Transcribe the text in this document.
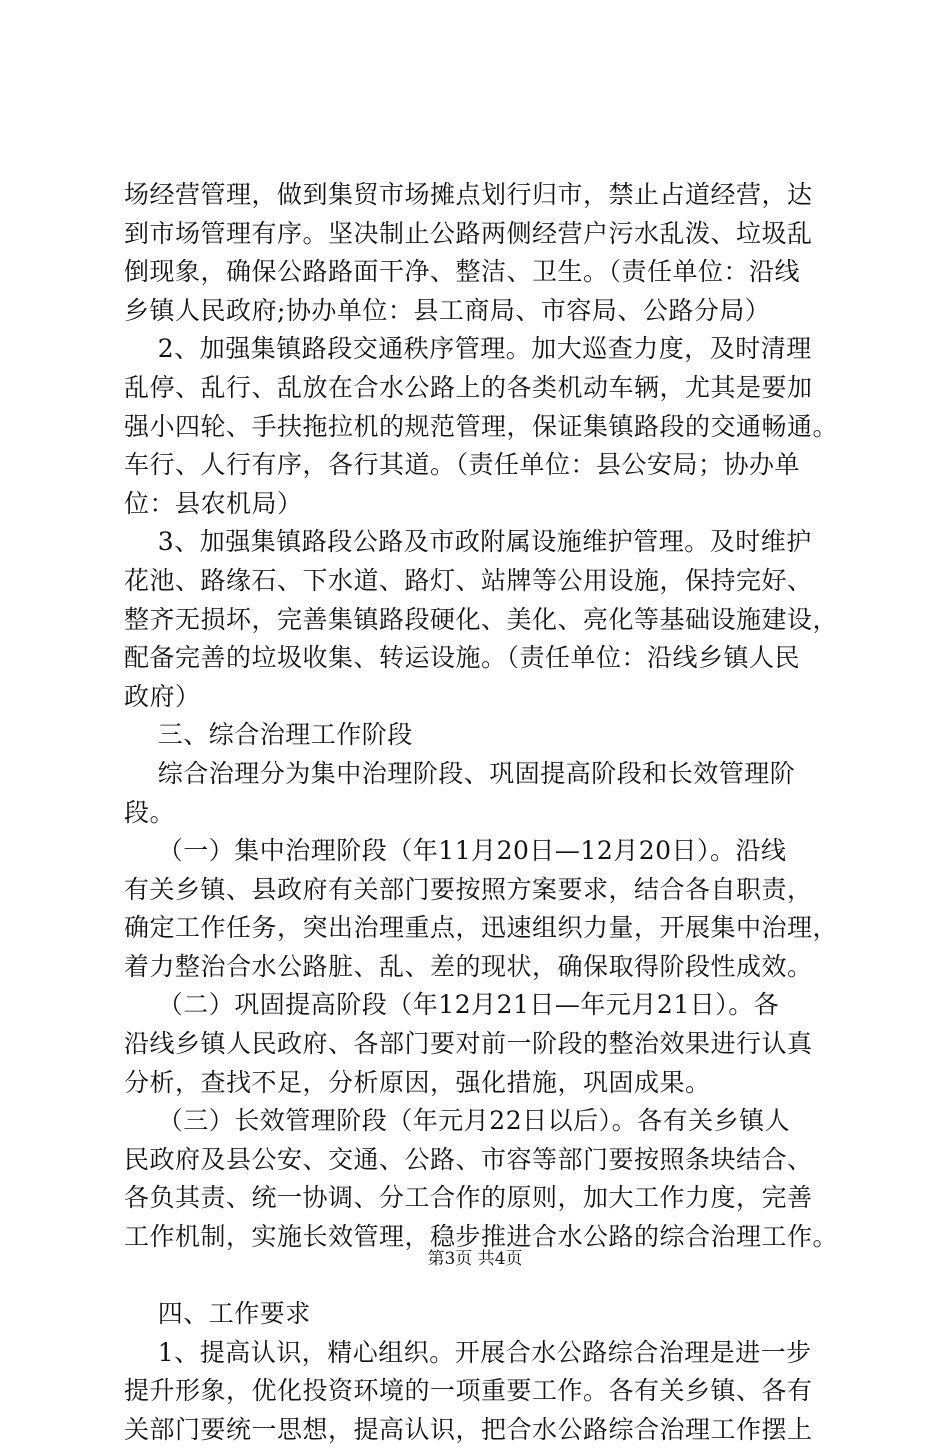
场经营管理，做到集贸市场摊点划行归市，禁止占道经营，达
到市场管理有序。坚决制止公路两侧经营户污水乱泼、垃圾乱
倒现象，确保公路路面干净、整洁、卫生。（责任单位：沿线
乡镇人民政府;协办单位：县工商局、市容局、公路分局）
2、加强集镇路段交通秩序管理。加大巡查力度，及时清理
乱停、乱行、乱放在合水公路上的各类机动车辆，尤其是要加
强小四轮、手扶拖拉机的规范管理，保证集镇路段的交通畅通。
车行、人行有序，各行其道。（责任单位：县公安局；协办单
位：县农机局）
3、加强集镇路段公路及市政附属设施维护管理。及时维护
花池、路缘石、下水道、路灯、站牌等公用设施，保持完好、
整齐无损坏，完善集镇路段硬化、美化、亮化等基础设施建设，
配备完善的垃圾收集、转运设施。（责任单位：沿线乡镇人民
政府）
三、综合治理工作阶段
综合治理分为集中治理阶段、巩固提高阶段和长效管理阶
段。
（一）集中治理阶段（年11月20日—12月20日）。沿线
有关乡镇、县政府有关部门要按照方案要求，结合各自职责，
确定工作任务，突出治理重点，迅速组织力量，开展集中治理，
着力整治合水公路脏、乱、差的现状，确保取得阶段性成效。
（二）巩固提高阶段（年12月21日—年元月21日）。各
沿线乡镇人民政府、各部门要对前一阶段的整治效果进行认真
分析，查找不足，分析原因，强化措施，巩固成果。
（三）长效管理阶段（年元月22日以后）。各有关乡镇人
民政府及县公安、交通、公路、市容等部门要按照条块结合、
各负其责、统一协调、分工合作的原则，加大工作力度，完善
工作机制，实施长效管理，稳步推进合水公路的综合治理工作。
四、工作要求
1、提高认识，精心组织。开展合水公路综合治理是进一步
提升形象，优化投资环境的一项重要工作。各有关乡镇、各有
关部门要统一思想，提高认识，把合水公路综合治理工作摆上
第3页 共4页
